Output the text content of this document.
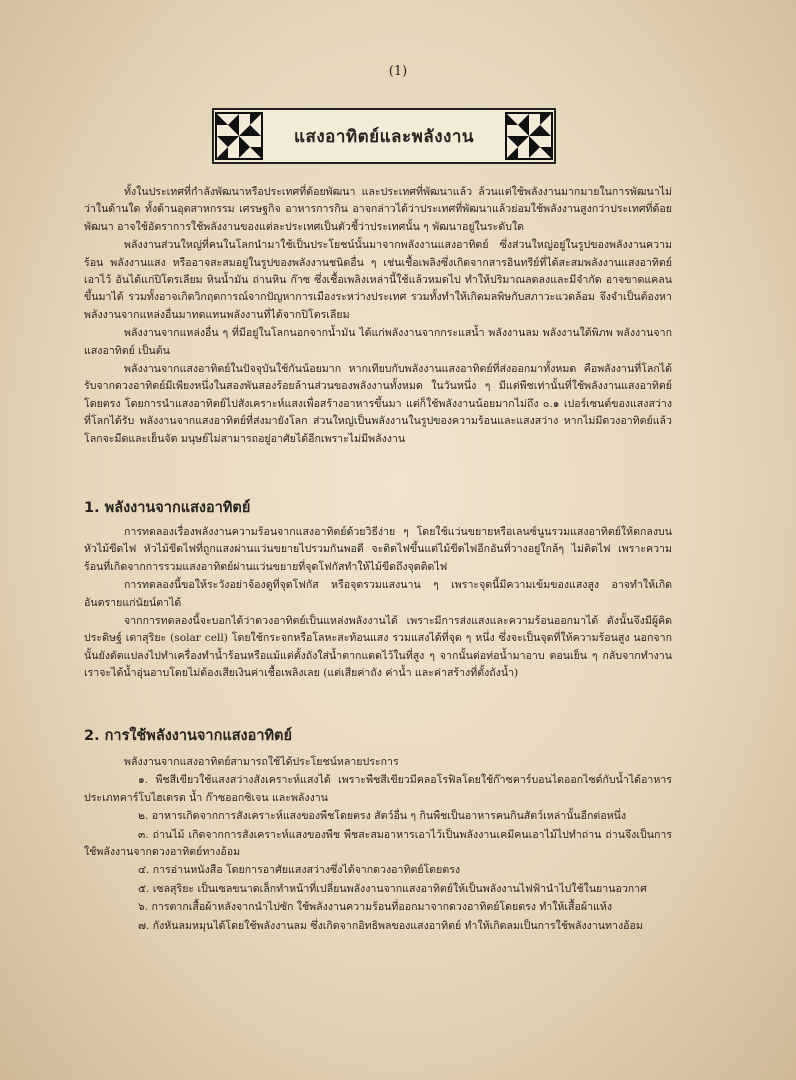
(1)
แสงอาทิตย์และพลังงาน

ทั้งในประเทศที่กำลังพัฒนาหรือประเทศที่ด้อยพัฒนา และประเทศที่พัฒนาแล้ว ล้วนแต่ใช้พลังงานมากมายในการพัฒนาไม่ว่าในด้านใด ทั้งด้านอุตสาหกรรม เศรษฐกิจ อาหารการกิน อาจกล่าวได้ว่าประเทศที่พัฒนาแล้วย่อมใช้พลังงานสูงกว่าประเทศที่ด้อยพัฒนา อาจใช้อัตราการใช้พลังงานของแต่ละประเทศเป็นตัวชี้ว่าประเทศนั้น ๆ พัฒนาอยู่ในระดับใด

พลังงานส่วนใหญ่ที่คนในโลกนำมาใช้เป็นประโยชน์นั้นมาจากพลังงานแสงอาทิตย์ ซึ่งส่วนใหญ่อยู่ในรูปของพลังงานความร้อน พลังงานแสง หรืออาจสะสมอยู่ในรูปของพลังงานชนิดอื่น ๆ เช่นเชื้อเพลิงซึ่งเกิดจากสารอินทรีย์ที่ได้สะสมพลังงานแสงอาทิตย์เอาไว้ อันได้แก่ปิโตรเลียม หินน้ำมัน ถ่านหิน ก๊าซ ซึ่งเชื้อเพลิงเหล่านี้ใช้แล้วหมดไป ทำให้ปริมาณลดลงและมีจำกัด อาจขาดแคลนขึ้นมาได้ รวมทั้งอาจเกิดวิกฤตการณ์จากปัญหาการเมืองระหว่างประเทศ รวมทั้งทำให้เกิดมลพิษกับสภาวะแวดล้อม จึงจำเป็นต้องหาพลังงานจากแหล่งอื่นมาทดแทนพลังงานที่ได้จากปิโตรเลียม

พลังงานจากแหล่งอื่น ๆ ที่มีอยู่ในโลกนอกจากน้ำมัน ได้แก่พลังงานจากกระแสน้ำ พลังงานลม พลังงานใต้พิภพ พลังงานจากแสงอาทิตย์ เป็นต้น

พลังงานจากแสงอาทิตย์ในปัจจุบันใช้กันน้อยมาก หากเทียบกับพลังงานแสงอาทิตย์ที่ส่งออกมาทั้งหมด คือพลังงานที่โลกได้รับจากดวงอาทิตย์มีเพียงหนึ่งในสองพันสองร้อยล้านส่วนของพลังงานทั้งหมด ในวันหนึ่ง ๆ มีแต่พืชเท่านั้นที่ใช้พลังงานแสงอาทิตย์โดยตรง โดยการนำแสงอาทิตย์ไปสังเคราะห์แสงเพื่อสร้างอาหารขึ้นมา แต่ก็ใช้พลังงานน้อยมากไม่ถึง ๐.๑ เปอร์เซนต์ของแสงสว่างที่โลกได้รับ พลังงานจากแสงอาทิตย์ที่ส่งมายังโลก ส่วนใหญ่เป็นพลังงานในรูปของความร้อนและแสงสว่าง หากไม่มีดวงอาทิตย์แล้วโลกจะมืดและเย็นจัด มนุษย์ไม่สามารถอยู่อาศัยได้อีกเพราะไม่มีพลังงาน

1. พลังงานจากแสงอาทิตย์

การทดลองเรื่องพลังงานความร้อนจากแสงอาทิตย์ด้วยวิธีง่าย ๆ โดยใช้แว่นขยายหรือเลนซ์นูนรวมแสงอาทิตย์ให้ตกลงบนหัวไม้ขีดไฟ หัวไม้ขีดไฟที่ถูกแสงผ่านแว่นขยายไปรวมกันพอดี จะติดไฟขึ้นแต่ไม้ขีดไฟอีกอันที่วางอยู่ใกล้ๆ ไม่ติดไฟ เพราะความร้อนที่เกิดจากการรวมแสงอาทิตย์ผ่านแว่นขยายที่จุดโฟกัสทำให้ไม้ขีดถึงจุดติดไฟ

การทดลองนี้ขอให้ระวังอย่าจ้องดูที่จุดโฟกัส หรือจุดรวมแสงนาน ๆ เพราะจุดนี้มีความเข้มของแสงสูง อาจทำให้เกิดอันตรายแก่นัยน์ตาได้

จากการทดลองนี้จะบอกได้ว่าดวงอาทิตย์เป็นแหล่งพลังงานได้ เพราะมีการส่งแสงและความร้อนออกมาได้ ดังนั้นจึงมีผู้คิดประดิษฐ์ เตาสุริยะ (solar cell) โดยใช้กระจกหรือโลหะสะท้อนแสง รวมแสงได้ที่จุด ๆ หนึ่ง ซึ่งจะเป็นจุดที่ให้ความร้อนสูง นอกจากนั้นยังดัดแปลงไปทำเครื่องทำน้ำร้อนหรือแม้แต่ตั้งถังใส่น้ำตากแดดไว้ในที่สูง ๆ จากนั้นต่อท่อน้ำมาอาบ ตอนเย็น ๆ กลับจากทำงานเราจะได้น้ำอุ่นอาบโดยไม่ต้องเสียเงินค่าเชื้อเพลิงเลย (แต่เสียค่าถัง ค่าน้ำ และค่าสร้างที่ตั้งถังน้ำ)

2. การใช้พลังงานจากแสงอาทิตย์

พลังงานจากแสงอาทิตย์สามารถใช้ได้ประโยชน์หลายประการ

๑. พืชสีเขียวใช้แสงสว่างสังเคราะห์แสงได้ เพราะพืชสีเขียวมีคลอโรฟิลโดยใช้ก๊าซคาร์บอนไดออกไซด์กับน้ำได้อาหารประเภทคาร์โบไฮเดรต น้ำ ก๊าซออกซิเจน และพลังงาน

๒. อาหารเกิดจากการสังเคราะห์แสงของพืชโดยตรง สัตว์อื่น ๆ กินพืชเป็นอาหารคนกินสัตว์เหล่านั้นอีกต่อหนึ่ง

๓. ถ่านไม้ เกิดจากการสังเคราะห์แสงของพืช พืชสะสมอาหารเอาไว้เป็นพลังงานเคมีคนเอาไม้ไปทำถ่าน ถ่านจึงเป็นการใช้พลังงานจากดวงอาทิตย์ทางอ้อม

๔. การอ่านหนังสือ โดยการอาศัยแสงสว่างซึ่งได้จากดวงอาทิตย์โดยตรง

๕. เซลสุริยะ เป็นเซลขนาดเล็กทำหน้าที่เปลี่ยนพลังงานจากแสงอาทิตย์ให้เป็นพลังงานไฟฟ้านำไปใช้ในยานอวกาศ

๖. การตากเสื้อผ้าหลังจากนำไปซัก ใช้พลังงานความร้อนที่ออกมาจากดวงอาทิตย์โดยตรง ทำให้เสื้อผ้าแห้ง

๗. กังหันลมหมุนได้โดยใช้พลังงานลม ซึ่งเกิดจากอิทธิพลของแสงอาทิตย์ ทำให้เกิดลมเป็นการใช้พลังงานทางอ้อม
